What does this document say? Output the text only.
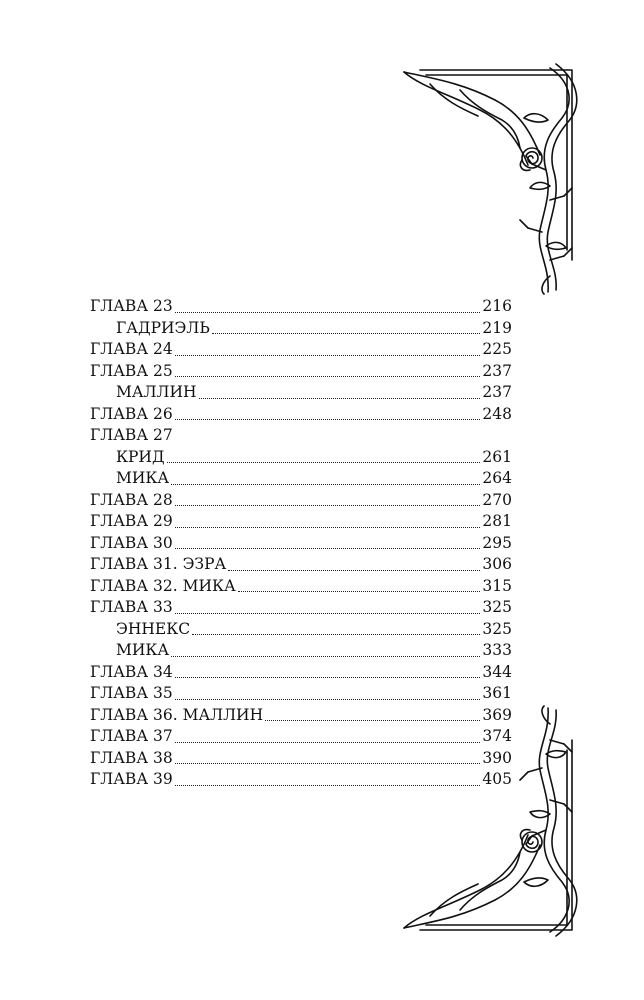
ГЛАВА 23	216
ГАДРИЭЛЬ	219
ГЛАВА 24	225
ГЛАВА 25	237
МАЛЛИН	237
ГЛАВА 26	248
ГЛАВА 27
КРИД	261
МИКА	264
ГЛАВА 28	270
ГЛАВА 29	281
ГЛАВА 30	295
ГЛАВА 31. ЭЗРА	306
ГЛАВА 32. МИКА	315
ГЛАВА 33	325
ЭННЕКС	325
МИКА	333
ГЛАВА 34	344
ГЛАВА 35	361
ГЛАВА 36. МАЛЛИН	369
ГЛАВА 37	374
ГЛАВА 38	390
ГЛАВА 39	405
